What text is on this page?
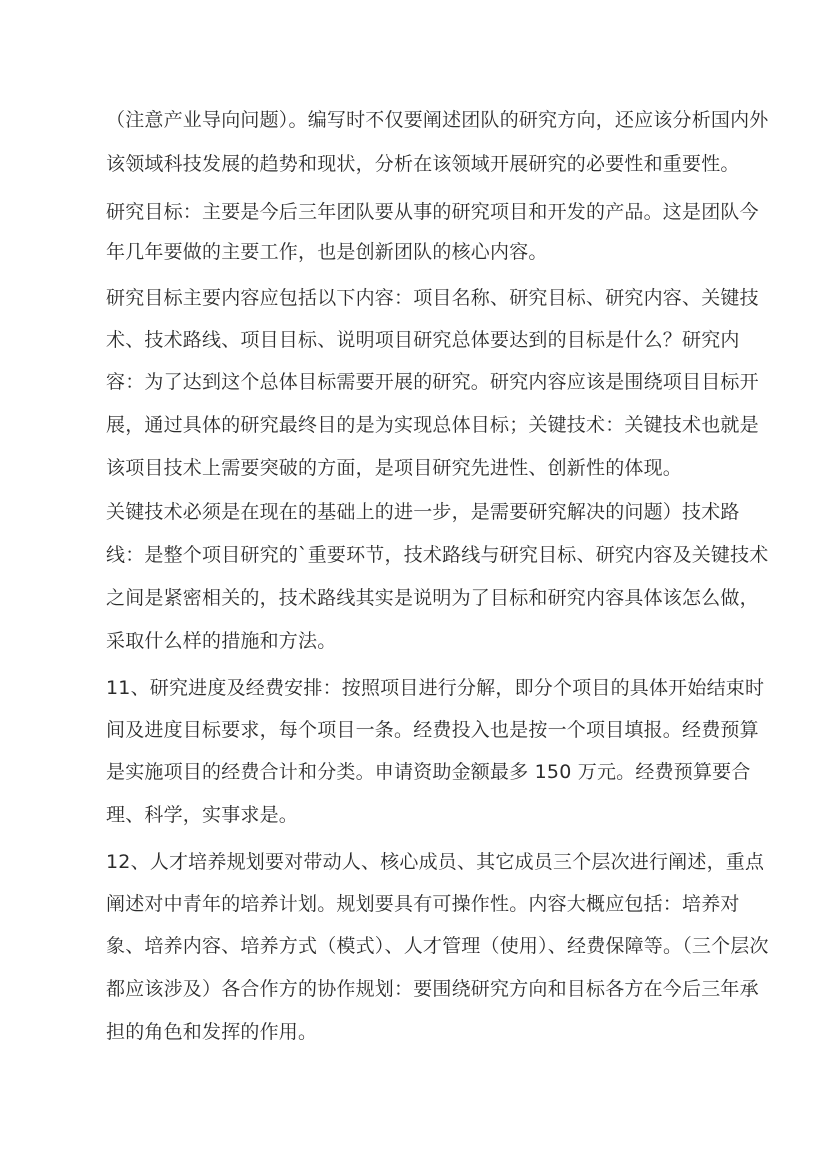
（注意产业导向问题）。编写时不仅要阐述团队的研究方向，还应该分析国内外
该领域科技发展的趋势和现状，分析在该领域开展研究的必要性和重要性。
研究目标：主要是今后三年团队要从事的研究项目和开发的产品。这是团队今
年几年要做的主要工作，也是创新团队的核心内容。
研究目标主要内容应包括以下内容：项目名称、研究目标、研究内容、关键技
术、技术路线、项目目标、说明项目研究总体要达到的目标是什么？研究内
容：为了达到这个总体目标需要开展的研究。研究内容应该是围绕项目目标开
展，通过具体的研究最终目的是为实现总体目标；关键技术：关键技术也就是
该项目技术上需要突破的方面，是项目研究先进性、创新性的体现。
关键技术必须是在现在的基础上的进一步，是需要研究解决的问题）技术路
线：是整个项目研究的`重要环节，技术路线与研究目标、研究内容及关键技术
之间是紧密相关的，技术路线其实是说明为了目标和研究内容具体该怎么做，
采取什么样的措施和方法。
11、研究进度及经费安排：按照项目进行分解，即分个项目的具体开始结束时
间及进度目标要求，每个项目一条。经费投入也是按一个项目填报。经费预算
是实施项目的经费合计和分类。申请资助金额最多 150 万元。经费预算要合
理、科学，实事求是。
12、人才培养规划要对带动人、核心成员、其它成员三个层次进行阐述，重点
阐述对中青年的培养计划。规划要具有可操作性。内容大概应包括：培养对
象、培养内容、培养方式（模式）、人才管理（使用）、经费保障等。（三个层次
都应该涉及）各合作方的协作规划：要围绕研究方向和目标各方在今后三年承
担的角色和发挥的作用。
